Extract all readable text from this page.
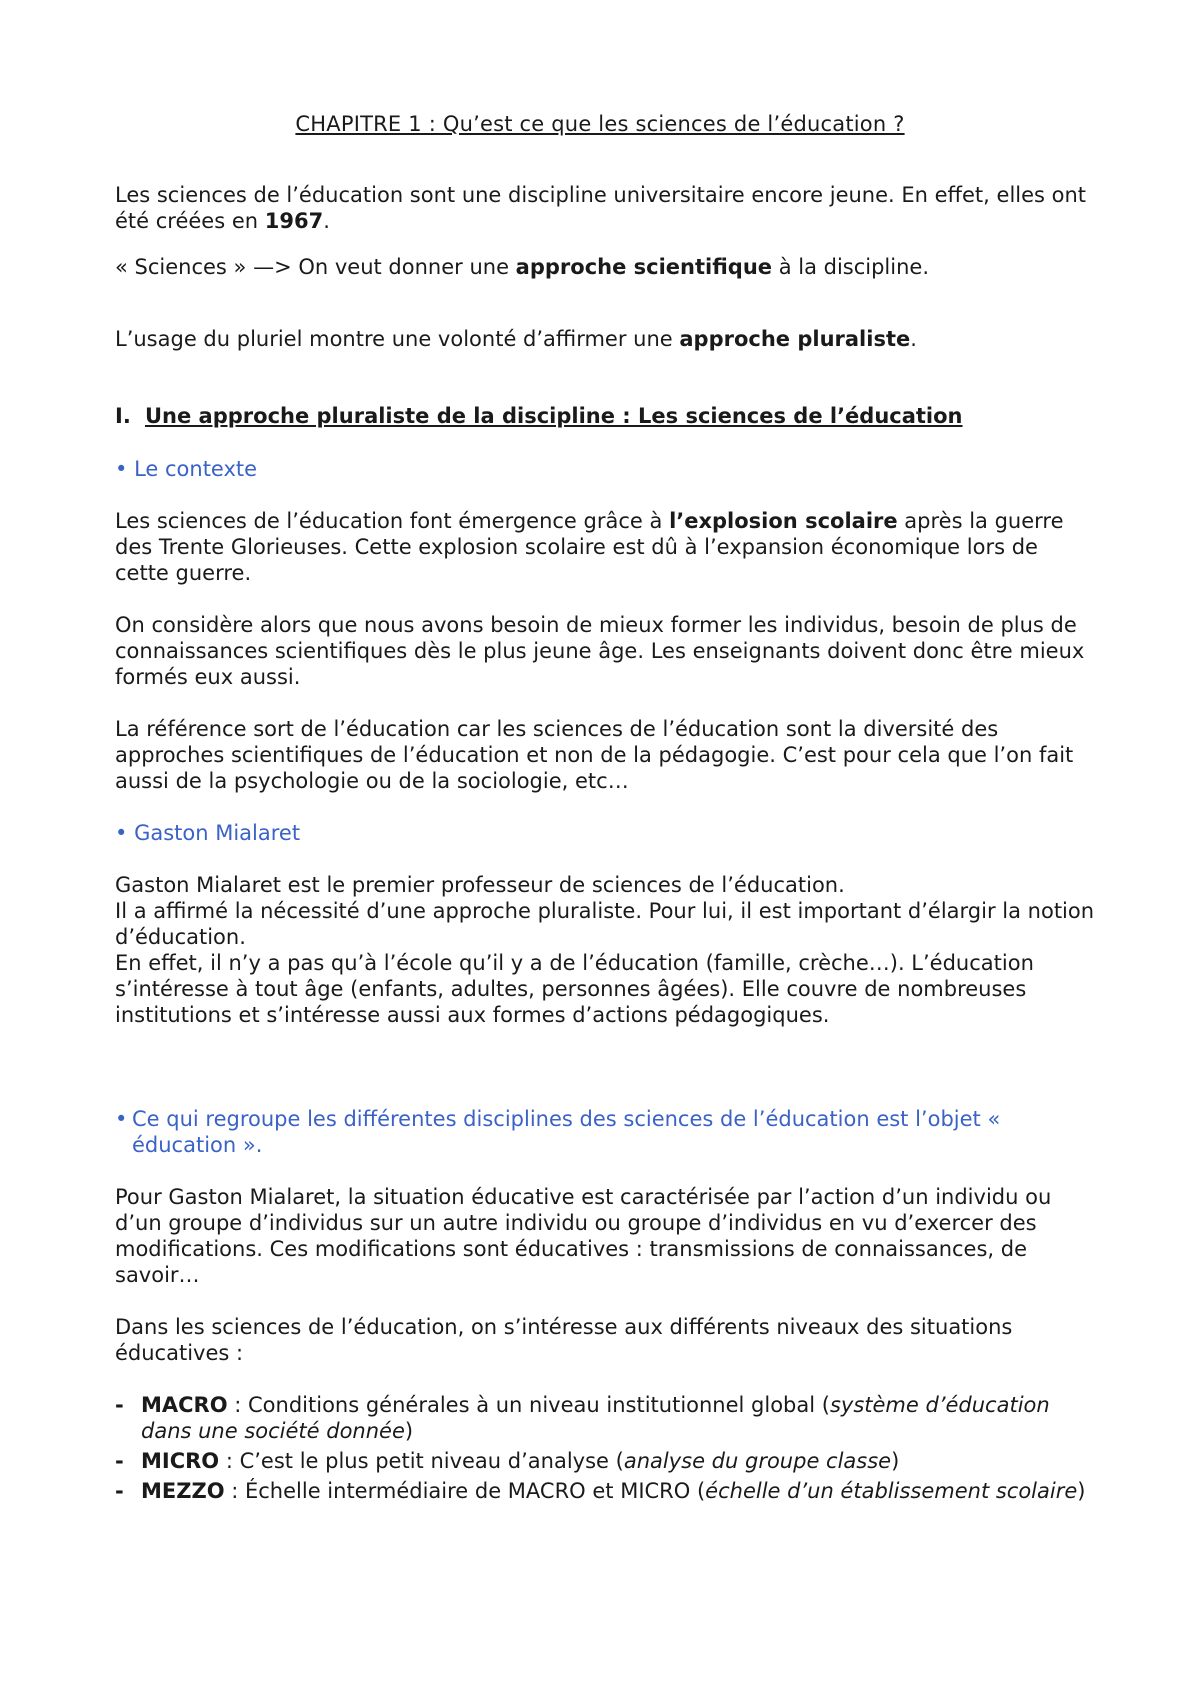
CHAPITRE 1 : Qu’est ce que les sciences de l’éducation ?

Les sciences de l’éducation sont une discipline universitaire encore jeune. En effet, elles ont été créées en 1967.

« Sciences » —> On veut donner une approche scientifique à la discipline.

L’usage du pluriel montre une volonté d’affirmer une approche pluraliste.

I. Une approche pluraliste de la discipline : Les sciences de l’éducation

• Le contexte

Les sciences de l’éducation font émergence grâce à l’explosion scolaire après la guerre des Trente Glorieuses. Cette explosion scolaire est dû à l’expansion économique lors de cette guerre.

On considère alors que nous avons besoin de mieux former les individus, besoin de plus de connaissances scientifiques dès le plus jeune âge. Les enseignants doivent donc être mieux formés eux aussi.

La référence sort de l’éducation car les sciences de l’éducation sont la diversité des approches scientifiques de l’éducation et non de la pédagogie. C’est pour cela que l’on fait aussi de la psychologie ou de la sociologie, etc…

• Gaston Mialaret

Gaston Mialaret est le premier professeur de sciences de l’éducation.
Il a affirmé la nécessité d’une approche pluraliste. Pour lui, il est important d’élargir la notion d’éducation.
En effet, il n’y a pas qu’à l’école qu’il y a de l’éducation (famille, crèche…). L’éducation s’intéresse à tout âge (enfants, adultes, personnes âgées). Elle couvre de nombreuses institutions et s’intéresse aussi aux formes d’actions pédagogiques.
• Ce qui regroupe les différentes disciplines des sciences de l’éducation est l’objet « éducation ».

Pour Gaston Mialaret, la situation éducative est caractérisée par l’action d’un individu ou d’un groupe d’individus sur un autre individu ou groupe d’individus en vu d’exercer des modifications. Ces modifications sont éducatives : transmissions de connaissances, de savoir…

Dans les sciences de l’éducation, on s’intéresse aux différents niveaux des situations éducatives :

- MACRO : Conditions générales à un niveau institutionnel global (système d’éducation dans une société donnée)
- MICRO : C’est le plus petit niveau d’analyse (analyse du groupe classe)
- MEZZO : Échelle intermédiaire de MACRO et MICRO (échelle d’un établissement scolaire)
